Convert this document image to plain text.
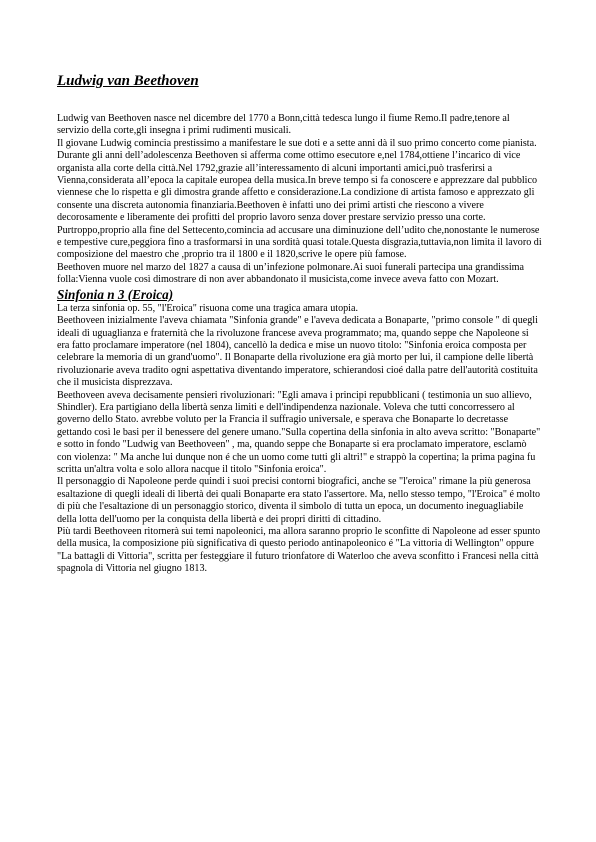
Ludwig van Beethoven

Ludwig van Beethoven nasce nel dicembre del 1770 a Bonn,città tedesca lungo il fiume Remo.Il padre,tenore al servizio della corte,gli insegna i primi rudimenti musicali.

Il giovane Ludwig comincia prestissimo a manifestare le sue doti e a sette anni dà il suo primo concerto come pianista.

Durante gli anni dell’adolescenza Beethoven si afferma come ottimo esecutore e,nel 1784,ottiene l’incarico di vice organista alla corte della città.Nel 1792,grazie all’interessamento di alcuni importanti amici,può trasferirsi a Vienna,considerata all’epoca la capitale europea della musica.In breve tempo si fa conoscere e apprezzare dal pubblico viennese che lo rispetta e gli dimostra grande affetto e considerazione.La condizione di artista famoso e apprezzato gli consente una discreta autonomia finanziaria.Beethoven è infatti uno dei primi artisti che riescono a vivere decorosamente e liberamente dei profitti del proprio lavoro senza dover prestare servizio presso una corte.

Purtroppo,proprio alla fine del Settecento,comincia ad accusare una diminuzione dell’udito che,nonostante le numerose e tempestive cure,peggiora fino a trasformarsi in una sordità quasi totale.Questa disgrazia,tuttavia,non limita il lavoro di composizione del maestro che ,proprio tra il 1800 e il 1820,scrive le opere più famose.

Beethoven muore nel marzo del 1827 a causa di un’infezione polmonare.Ai suoi funerali partecipa una grandissima folla:Vienna vuole così dimostrare di non aver abbandonato il musicista,come invece aveva fatto con Mozart.

Sinfonia n 3 (Eroica)

La terza sinfonia op. 55, "l'Eroica" risuona come una tragica amara utopia.

Beethoveen inizialmente l'aveva chiamata "Sinfonia grande" e l'aveva dedicata a Bonaparte, "primo console " di quegli ideali di uguaglianza e fraternità che la rivoluzone francese aveva programmato; ma, quando seppe che Napoleone si era fatto proclamare imperatore (nel 1804), cancellò la dedica e mise un nuovo titolo: "Sinfonia eroica composta per celebrare la memoria di un grand'uomo". Il Bonaparte della rivoluzione era già morto per lui, il campione delle libertà rivoluzionarie aveva tradito ogni aspettativa diventando imperatore, schierandosi cioé dalla patre dell'autorità costituita che il musicista disprezzava.

Beethoveen aveva decisamente pensieri rivoluzionari: "Egli amava i principi repubblicani ( testimonia un suo allievo, Shindler). Era partigiano della libertà senza limiti e dell'indipendenza nazionale. Voleva che tutti concorressero al governo dello Stato. avrebbe voluto per la Francia il suffragio universale, e sperava che Bonaparte lo decretasse gettando così le basi per il benessere del genere umano."Sulla copertina della sinfonia in alto aveva scritto: "Bonaparte" e sotto in fondo "Ludwig van Beethoveen" , ma, quando seppe che Bonaparte si era proclamato imperatore, esclamò con violenza: " Ma anche lui dunque non é che un uomo come tutti gli altri!" e strappò la copertina; la prima pagina fu scritta un'altra volta e solo allora nacque il titolo "Sinfonia eroica".

Il personaggio di Napoleone perde quindi i suoi precisi contorni biografici, anche se "l'eroica" rimane la più generosa esaltazione di quegli ideali di libertà dei quali Bonaparte era stato l'assertore. Ma, nello stesso tempo, "l'Eroica" é molto di più che l'esaltazione di un personaggio storico, diventa il simbolo di tutta un epoca, un documento ineguagliabile della lotta dell'uomo per la conquista della libertà e dei propri diritti di cittadino.

Più tardi Beethoveen ritornerà sui temi napoleonici, ma allora saranno proprio le sconfitte di Napoleone ad esser spunto della musica, la composizione più significativa di questo periodo antinapoleonico é "La vittoria di Wellington" oppure "La battagli di Vittoria", scritta per festeggiare il futuro trionfatore di Waterloo che aveva sconfitto i Francesi nella città spagnola di Vittoria nel giugno 1813.
